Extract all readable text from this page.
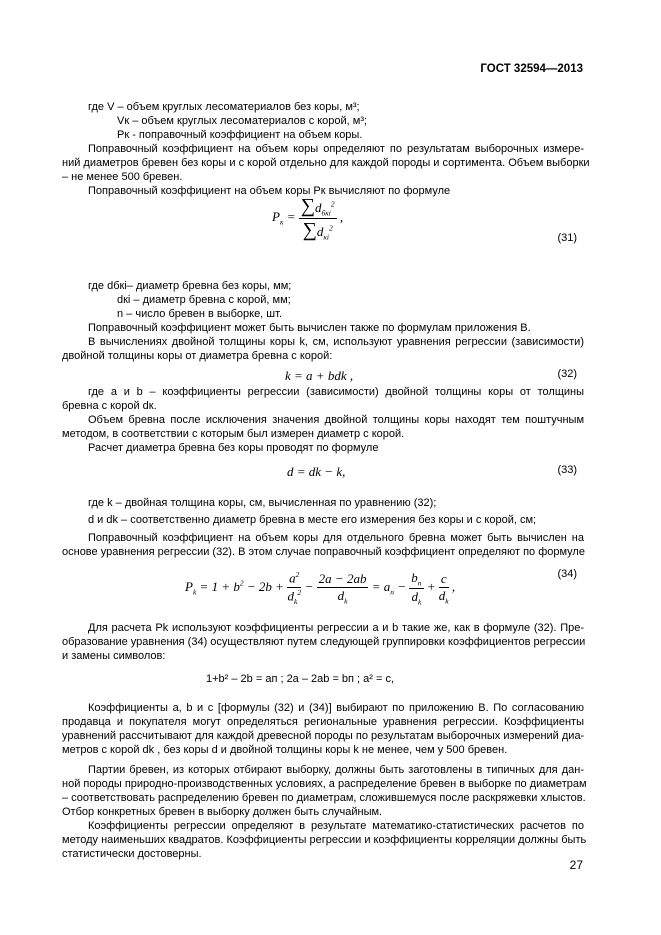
ГОСТ 32594—2013
где V – объем круглых лесоматериалов без коры, м³;
Vк – объем круглых лесоматериалов с корой, м³;
Pк - поправочный коэффициент на объем коры.
Поправочный коэффициент на объем коры определяют по результатам выборочных измере-
ний диаметров бревен без коры и с корой отдельно для каждой породы и сортимента. Объем выборки
– не менее 500 бревен.
Поправочный коэффициент на объем коры Pк вычисляют по формуле
$P_к = \frac{\sum d_{бкi}^2}{\sum d_{кi}^2}$ ,
(31)
где dбкi– диаметр бревна без коры, мм;
dкi – диаметр бревна с корой, мм;
n – число бревен в выборке, шт.
Поправочный коэффициент может быть вычислен также по формулам приложения В.
В вычислениях двойной толщины коры k, см, используют уравнения регрессии (зависимости)
двойной толщины коры от диаметра бревна с корой:
k = a + bdk ,	(32)
где a и b – коэффициенты регрессии (зависимости) двойной толщины коры от толщины
бревна с корой dк.
Объем бревна после исключения значения двойной толщины коры находят тем поштучным
методом, в соответствии с которым был измерен диаметр с корой.
Расчет диаметра бревна без коры проводят по формуле
d = dk − k,	(33)
где k – двойная толщина коры, см, вычисленная по уравнению (32);
d и dk – соответственно диаметр бревна в месте его измерения без коры и с корой, см;
Поправочный коэффициент на объем коры для отдельного бревна может быть вычислен на
основе уравнения регрессии (32). В этом случае поправочный коэффициент определяют по формуле
$P_k = 1 + b^2 - 2b + \frac{a^2}{d_k^2} - \frac{2a - 2ab}{d_k} = a_п - \frac{b_п}{d_k} + \frac{c}{d_k}$ ,
(34)
Для расчета Pk используют коэффициенты регрессии a и b такие же, как в формуле (32). Пре-
образование уравнения (34) осуществляют путем следующей группировки коэффициентов регрессии
и замены символов:
1+b² – 2b = aп ; 2a – 2ab = bп ; a² = c,
Коэффициенты a, b и c [формулы (32) и (34)] выбирают по приложению В. По согласованию
продавца и покупателя могут определяться региональные уравнения регрессии. Коэффициенты
уравнений рассчитывают для каждой древесной породы по результатам выборочных измерений диа-
метров с корой dk , без коры d и двойной толщины коры k не менее, чем у 500 бревен.
Партии бревен, из которых отбирают выборку, должны быть заготовлены в типичных для дан-
ной породы природно-производственных условиях, а распределение бревен в выборке по диаметрам
– соответствовать распределению бревен по диаметрам, сложившемуся после раскряжевки хлыстов.
Отбор конкретных бревен в выборку должен быть случайным.
Коэффициенты регрессии определяют в результате математико-статистических расчетов по
методу наименьших квадратов. Коэффициенты регрессии и коэффициенты корреляции должны быть
статистически достоверны.
27
